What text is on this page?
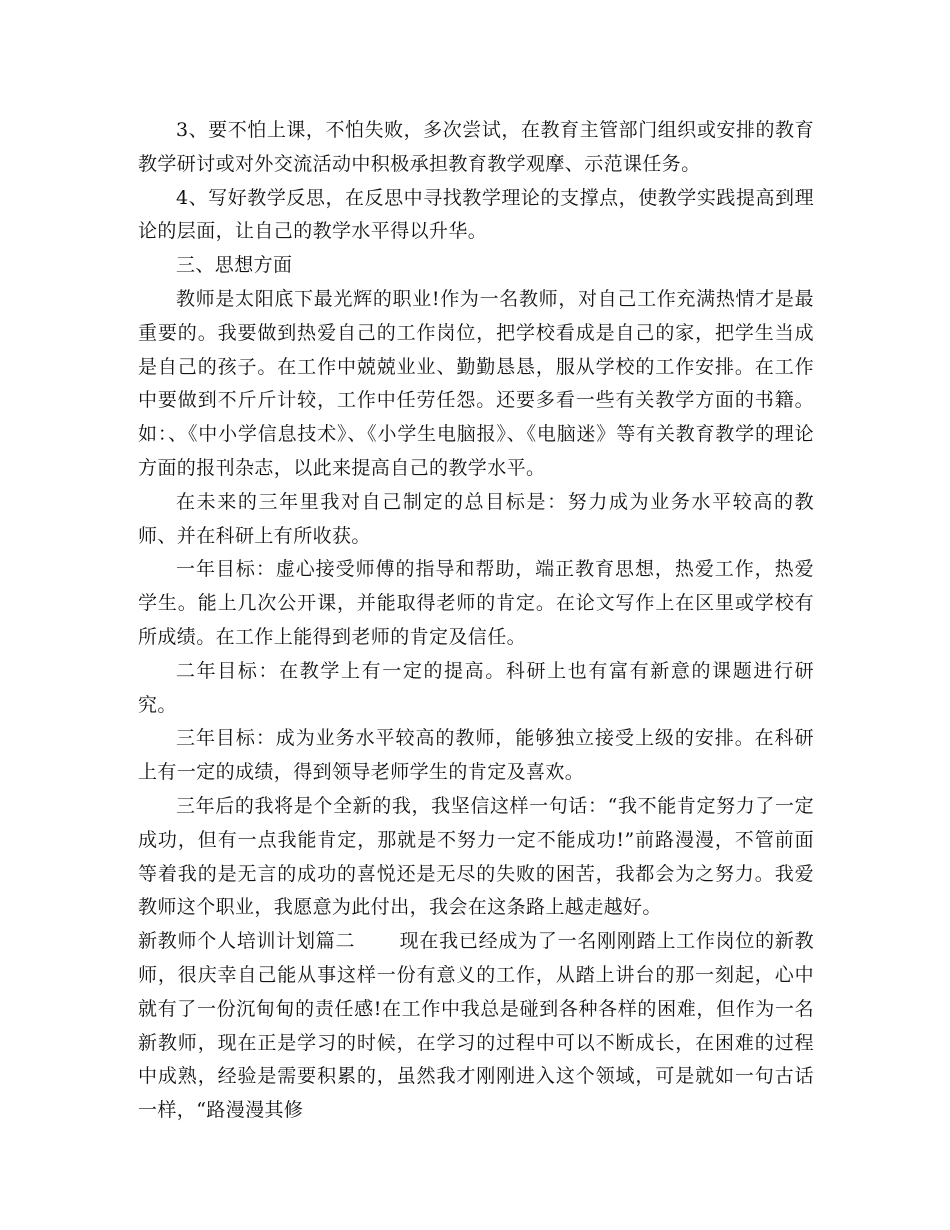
3、要不怕上课，不怕失败，多次尝试，在教育主管部门组织或安排的教育教学研讨或对外交流活动中积极承担教育教学观摩、示范课任务。

4、写好教学反思，在反思中寻找教学理论的支撑点，使教学实践提高到理论的层面，让自己的教学水平得以升华。

三、思想方面

教师是太阳底下最光辉的职业!作为一名教师，对自己工作充满热情才是最重要的。我要做到热爱自己的工作岗位，把学校看成是自己的家，把学生当成是自己的孩子。在工作中兢兢业业、勤勤恳恳，服从学校的工作安排。在工作中要做到不斤斤计较，工作中任劳任怨。还要多看一些有关教学方面的书籍。如：、《中小学信息技术》、《小学生电脑报》、《电脑迷》等有关教育教学的理论方面的报刊杂志，以此来提高自己的教学水平。

在未来的三年里我对自己制定的总目标是：努力成为业务水平较高的教师、并在科研上有所收获。

一年目标：虚心接受师傅的指导和帮助，端正教育思想，热爱工作，热爱学生。能上几次公开课，并能取得老师的肯定。在论文写作上在区里或学校有所成绩。在工作上能得到老师的肯定及信任。

二年目标：在教学上有一定的提高。科研上也有富有新意的课题进行研究。

三年目标：成为业务水平较高的教师，能够独立接受上级的安排。在科研上有一定的成绩，得到领导老师学生的肯定及喜欢。

三年后的我将是个全新的我，我坚信这样一句话：“我不能肯定努力了一定成功，但有一点我能肯定，那就是不努力一定不能成功!”前路漫漫，不管前面等着我的是无言的成功的喜悦还是无尽的失败的困苦，我都会为之努力。我爱教师这个职业，我愿意为此付出，我会在这条路上越走越好。

新教师个人培训计划篇二 现在我已经成为了一名刚刚踏上工作岗位的新教师，很庆幸自己能从事这样一份有意义的工作，从踏上讲台的那一刻起，心中就有了一份沉甸甸的责任感!在工作中我总是碰到各种各样的困难，但作为一名新教师，现在正是学习的时候，在学习的过程中可以不断成长，在困难的过程中成熟，经验是需要积累的，虽然我才刚刚进入这个领域，可是就如一句古话一样，“路漫漫其修
